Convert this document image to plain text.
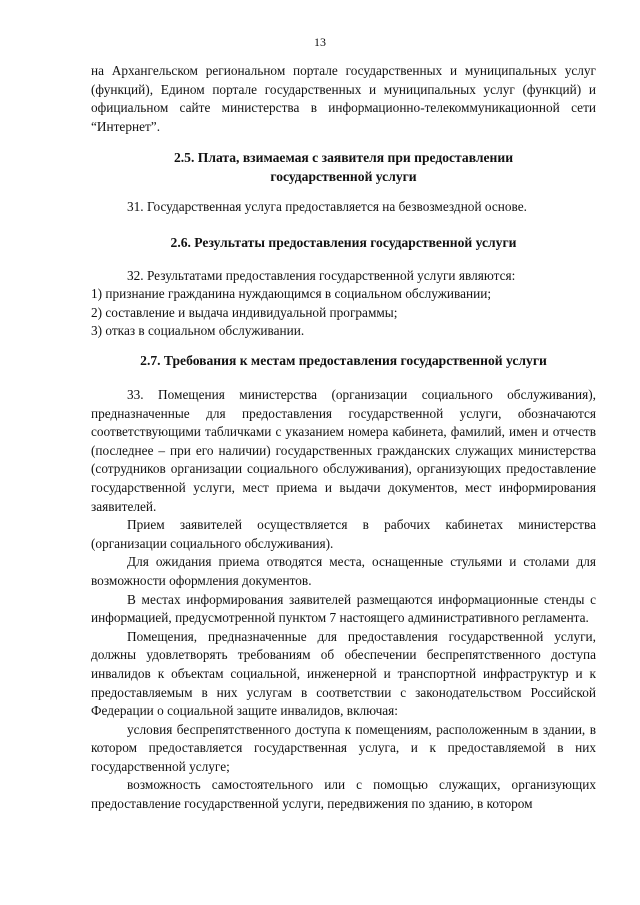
13

на Архангельском региональном портале государственных и муниципальных услуг (функций), Едином портале государственных и муниципальных услуг (функций) и официальном сайте министерства в информационно-телекоммуникационной сети “Интернет”.

2.5. Плата, взимаемая с заявителя при предоставлении
государственной услуги

31. Государственная услуга предоставляется на безвозмездной основе.

2.6. Результаты предоставления государственной услуги

32. Результатами предоставления государственной услуги являются:

1) признание гражданина нуждающимся в социальном обслуживании;
2) составление и выдача индивидуальной программы;
3) отказ в социальном обслуживании.
2.7. Требования к местам предоставления государственной услуги

33. Помещения министерства (организации социального обслуживания), предназначенные для предоставления государственной услуги, обозначаются соответствующими табличками с указанием номера кабинета, фамилий, имен и отчеств (последнее – при его наличии) государственных гражданских служащих министерства (сотрудников организации социального обслуживания), организующих предоставление государственной услуги, мест приема и выдачи документов, мест информирования заявителей.

Прием заявителей осуществляется в рабочих кабинетах министерства (организации социального обслуживания).

Для ожидания приема отводятся места, оснащенные стульями и столами для возможности оформления документов.

В местах информирования заявителей размещаются информационные стенды с информацией, предусмотренной пунктом 7 настоящего административного регламента.

Помещения, предназначенные для предоставления государственной услуги, должны удовлетворять требованиям об обеспечении беспрепятственного доступа инвалидов к объектам социальной, инженерной и транспортной инфраструктур и к предоставляемым в них услугам в соответствии с законодательством Российской Федерации о социальной защите инвалидов, включая:

условия беспрепятственного доступа к помещениям, расположенным в здании, в котором предоставляется государственная услуга, и к предоставляемой в них государственной услуге;

возможность самостоятельного или с помощью служащих, организующих предоставление государственной услуги, передвижения по зданию, в котором
